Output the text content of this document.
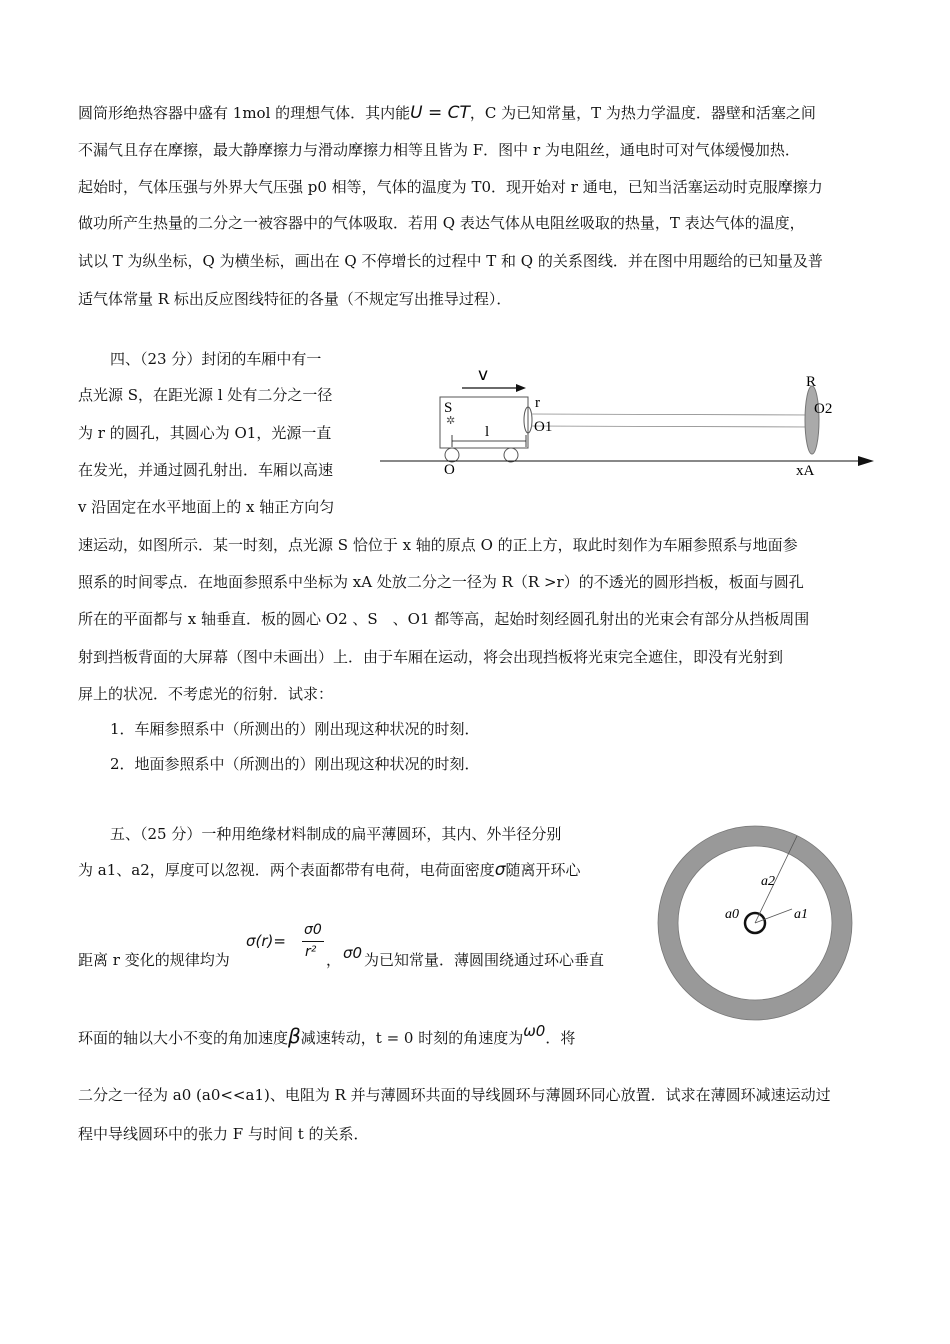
圆筒形绝热容器中盛有 1mol 的理想气体．其内能U = CT，C 为已知常量，T 为热力学温度．器壁和活塞之间
不漏气且存在摩擦，最大静摩擦力与滑动摩擦力相等且皆为 F．图中 r 为电阻丝，通电时可对气体缓慢加热．
起始时，气体压强与外界大气压强 p0 相等，气体的温度为 T0．现开始对 r 通电，已知当活塞运动时克服摩擦力
做功所产生热量的二分之一被容器中的气体吸取．若用 Q 表达气体从电阻丝吸取的热量，T 表达气体的温度，
试以 T 为纵坐标，Q 为横坐标，画出在 Q 不停增长的过程中 T 和 Q 的关系图线．并在图中用题给的已知量及普
适气体常量 R 标出反应图线特征的各量（不规定写出推导过程）．
四、（23 分）封闭的车厢中有一
点光源 S，在距光源 l 处有二分之一径
为 r 的圆孔，其圆心为 O1，光源一直
在发光，并通过圆孔射出．车厢以高速
v 沿固定在水平地面上的 x 轴正方向匀
✲
v
S	r
O1
l
O
R
O2
xA
速运动，如图所示．某一时刻，点光源 S 恰位于 x 轴的原点 O 的正上方，取此时刻作为车厢参照系与地面参
照系的时间零点．在地面参照系中坐标为 xA 处放二分之一径为 R（R >r）的不透光的圆形挡板，板面与圆孔
所在的平面都与 x 轴垂直．板的圆心 O2 、S　、O1 都等高，起始时刻经圆孔射出的光束会有部分从挡板周围
射到挡板背面的大屏幕（图中未画出）上．由于车厢在运动，将会出现挡板将光束完全遮住，即没有光射到
屏上的状况．不考虑光的衍射．试求：
1．车厢参照系中（所测出的）刚出现这种状况的时刻．
2．地面参照系中（所测出的）刚出现这种状况的时刻．
五、（25 分）一种用绝缘材料制成的扁平薄圆环，其内、外半径分别
为 a1、a2，厚度可以忽视．两个表面都带有电荷，电荷面密度σ随离开环心
距离 r 变化的规律均为
σ(r)=
σ0
r² ， σ0 为已知常量．薄圆围绕通过环心垂直
环面的轴以大小不变的角加速度β减速转动，t = 0 时刻的角速度为ω0．将
二分之一径为 a0 (a0<<a1)、电阻为 R 并与薄圆环共面的导线圆环与薄圆环同心放置．试求在薄圆环减速运动过
程中导线圆环中的张力 F 与时间 t 的关系．
a2
a0	a1
